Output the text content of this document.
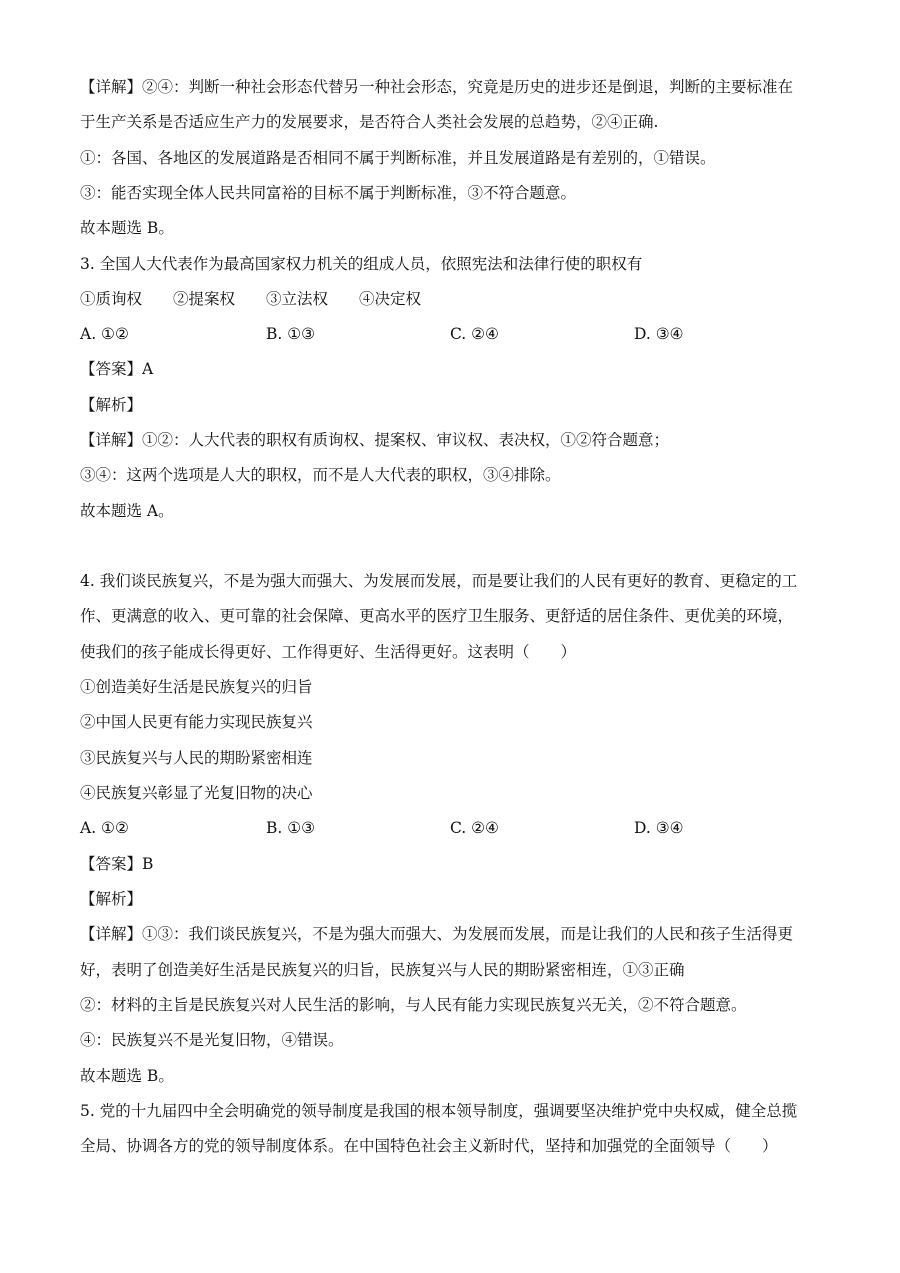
【详解】②④：判断一种社会形态代替另一种社会形态，究竟是历史的进步还是倒退，判断的主要标准在
于生产关系是否适应生产力的发展要求，是否符合人类社会发展的总趋势，②④正确.
①：各国、各地区的发展道路是否相同不属于判断标准，并且发展道路是有差别的，①错误。
③：能否实现全体人民共同富裕的目标不属于判断标准，③不符合题意。
故本题选 B。
3. 全国人大代表作为最高国家权力机关的组成人员，依照宪法和法律行使的职权有
①质询权　　②提案权　　③立法权　　④决定权
A. ①②	B. ①③	C. ②④	D. ③④
【答案】A
【解析】
【详解】①②：人大代表的职权有质询权、提案权、审议权、表决权，①②符合题意；
③④：这两个选项是人大的职权，而不是人大代表的职权，③④排除。
故本题选 A。
4. 我们谈民族复兴，不是为强大而强大、为发展而发展，而是要让我们的人民有更好的教育、更稳定的工
作、更满意的收入、更可靠的社会保障、更高水平的医疗卫生服务、更舒适的居住条件、更优美的环境，
使我们的孩子能成长得更好、工作得更好、生活得更好。这表明（　　）
①创造美好生活是民族复兴的归旨
②中国人民更有能力实现民族复兴
③民族复兴与人民的期盼紧密相连
④民族复兴彰显了光复旧物的决心
A. ①②	B. ①③	C. ②④	D. ③④
【答案】B
【解析】
【详解】①③：我们谈民族复兴，不是为强大而强大、为发展而发展，而是让我们的人民和孩子生活得更
好，表明了创造美好生活是民族复兴的归旨，民族复兴与人民的期盼紧密相连，①③正确
②：材料的主旨是民族复兴对人民生活的影响，与人民有能力实现民族复兴无关，②不符合题意。
④：民族复兴不是光复旧物，④错误。
故本题选 B。
5. 党的十九届四中全会明确党的领导制度是我国的根本领导制度，强调要坚决维护党中央权威，健全总揽
全局、协调各方的党的领导制度体系。在中国特色社会主义新时代，坚持和加强党的全面领导（　　）
